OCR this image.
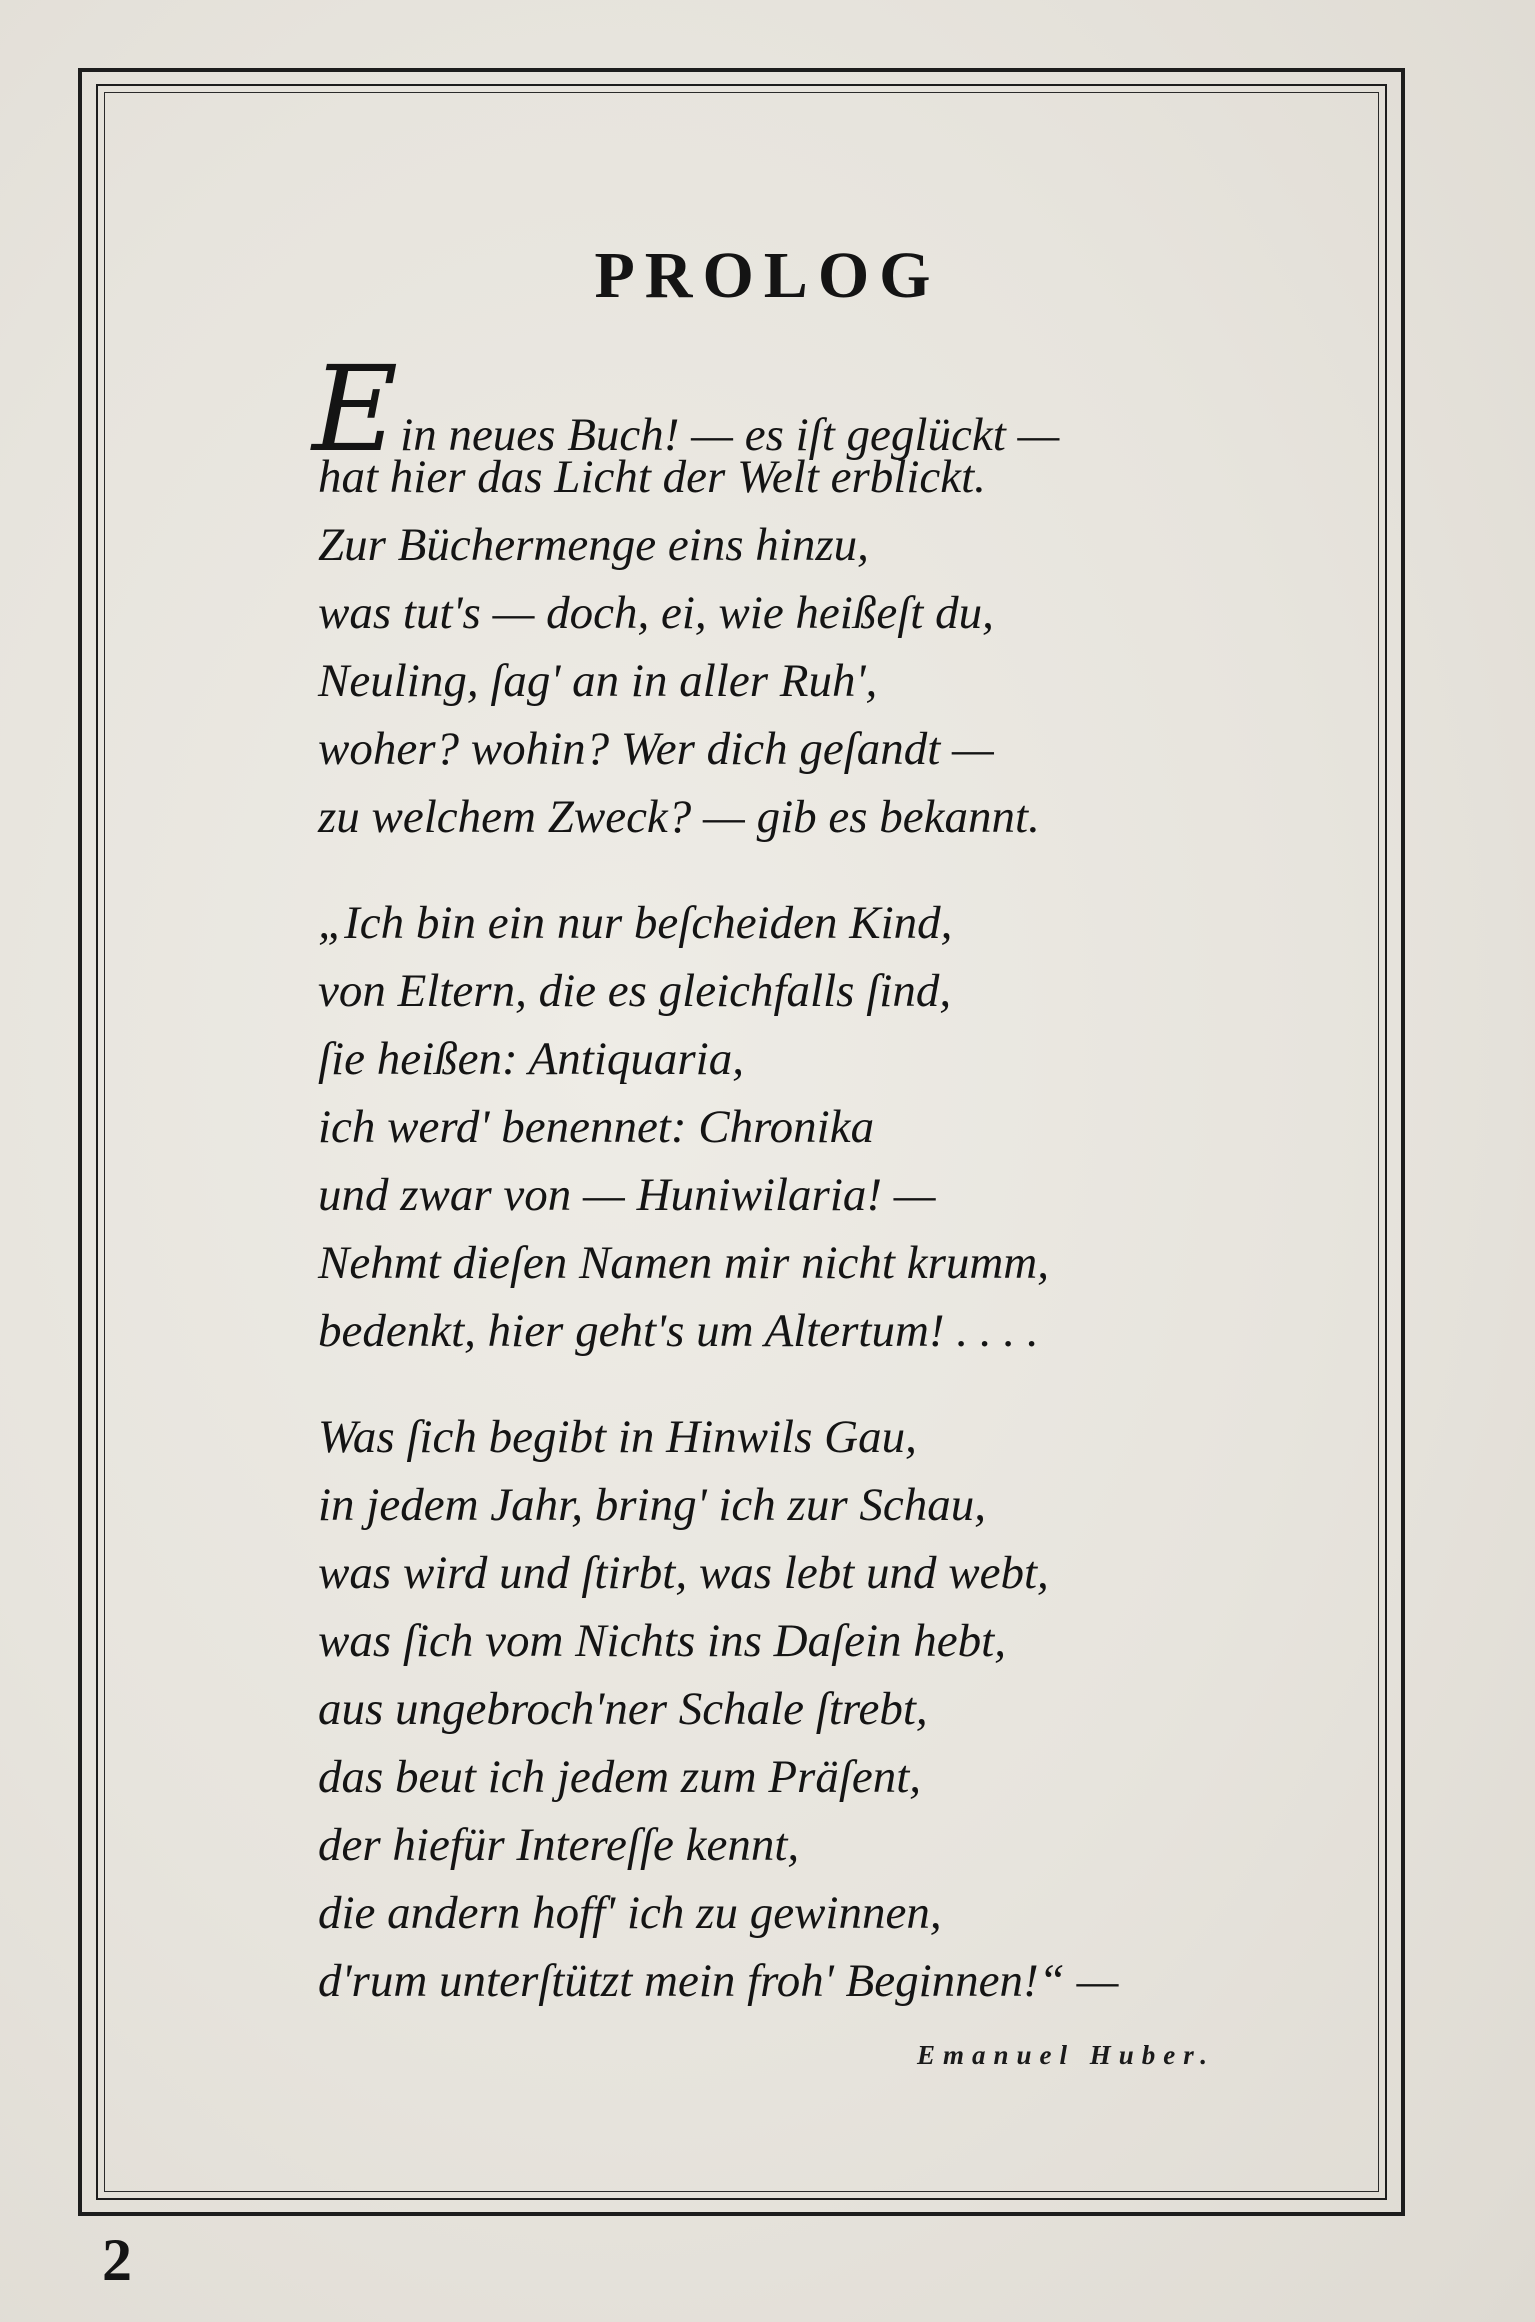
PROLOG
Ein neues Buch! — es iſt geglückt —
hat hier das Licht der Welt erblickt.
Zur Büchermenge eins hinzu,
was tut's — doch, ei, wie heißeſt du,
Neuling, ſag' an in aller Ruh',
woher? wohin? Wer dich geſandt —
zu welchem Zweck? — gib es bekannt.
„Ich bin ein nur beſcheiden Kind,
von Eltern, die es gleichfalls ſind,
ſie heißen: Antiquaria,
ich werd' benennet: Chronika
und zwar von — Huniwilaria! —
Nehmt dieſen Namen mir nicht krumm,
bedenkt, hier geht's um Altertum! . . . .
Was ſich begibt in Hinwils Gau,
in jedem Jahr, bring' ich zur Schau,
was wird und ſtirbt, was lebt und webt,
was ſich vom Nichts ins Daſein hebt,
aus ungebroch'ner Schale ſtrebt,
das beut ich jedem zum Präſent,
der hiefür Intereſſe kennt,
die andern hoff' ich zu gewinnen,
d'rum unterſtützt mein froh' Beginnen!“ —
Emanuel Huber.
2
